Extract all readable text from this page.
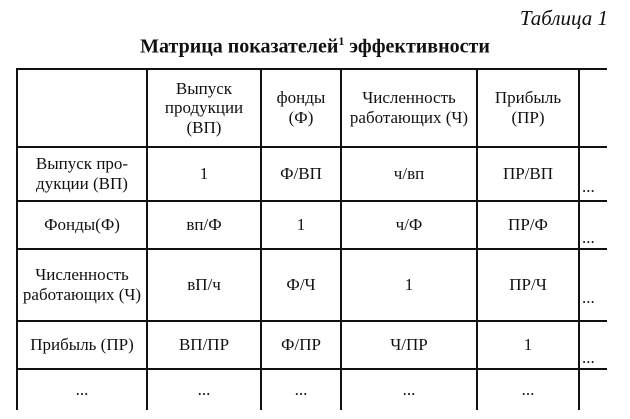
Таблица 1
Матрица показателей$^1$ эффективности
	Выпуск продукции (ВП)	фонды (Ф)	Численность работающих (Ч)	Прибыль (ПР)	
Выпуск про-дукции (ВП)	1	Ф/ВП	ч/вп	ПР/ВП	...

Фонды(Ф)	вп/Ф	1	ч/Ф	ПР/Ф	...

Численность работающих (Ч)	вП/ч	Ф/Ч	1	ПР/Ч	...

Прибыль (ПР)	ВП/ПР	Ф/ПР	Ч/ПР	1	...

...	...	...	...	...	
